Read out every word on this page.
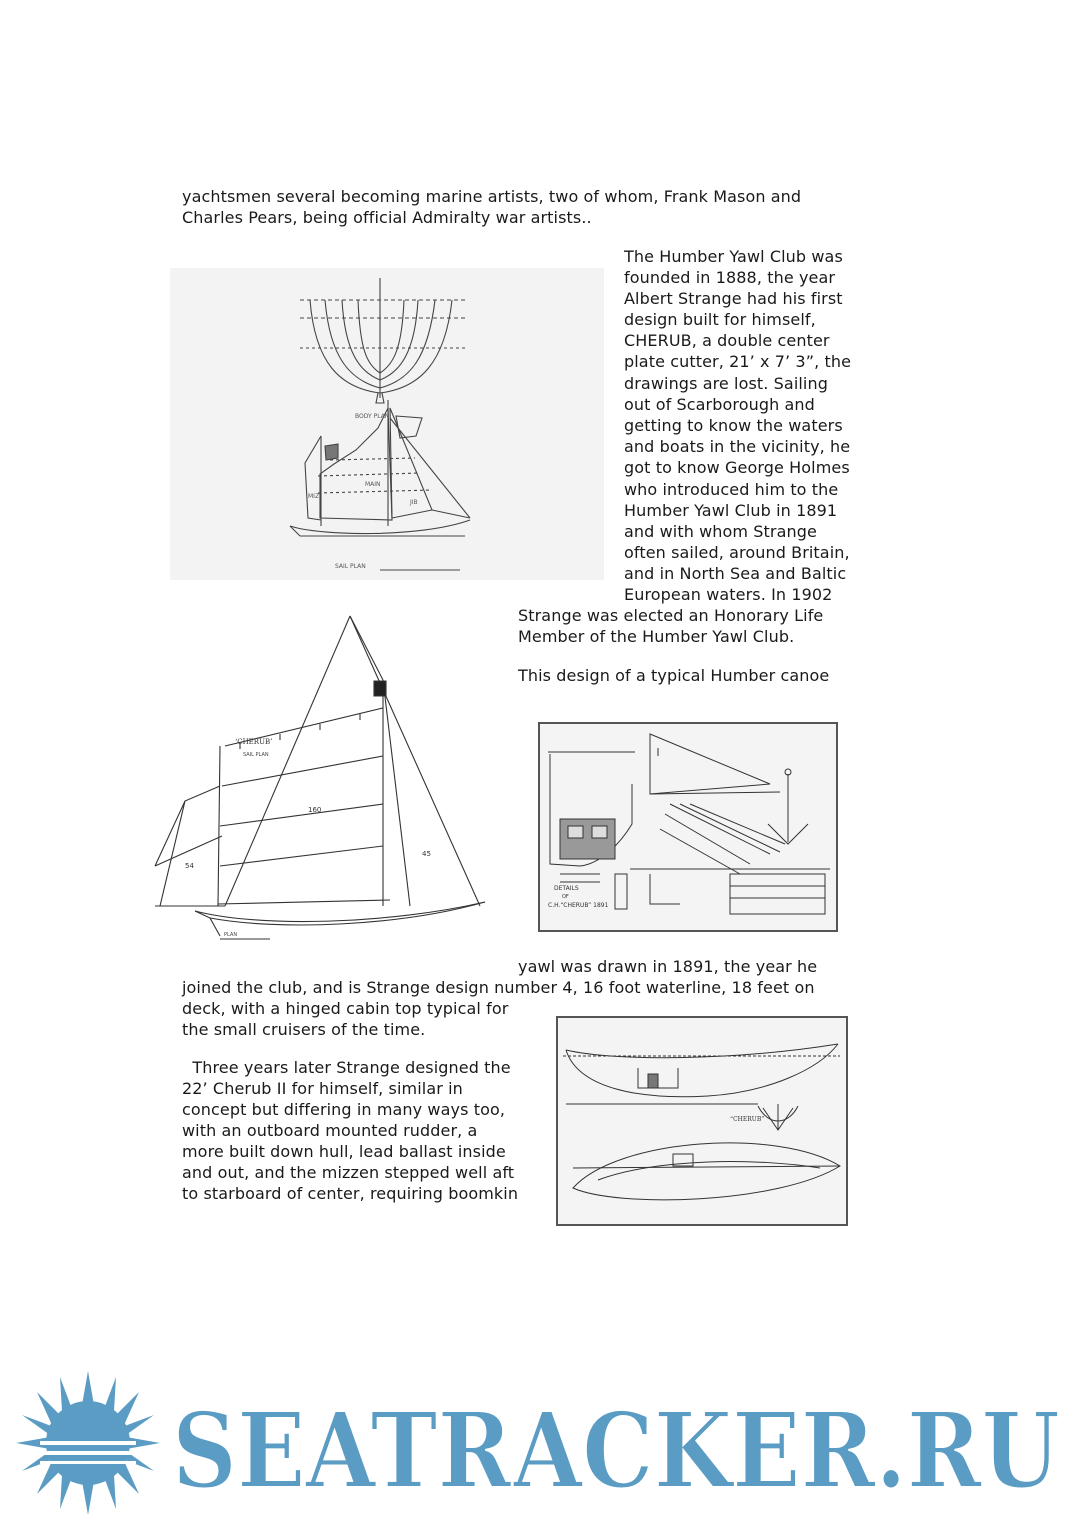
yachtsmen several becoming marine artists, two of whom, Frank Mason and
Charles Pears, being official Admiralty war artists..
The Humber Yawl Club was
founded in 1888, the year
Albert Strange had his first
design built for himself,
CHERUB, a double center
plate cutter, 21’ x 7’ 3”, the
drawings are lost. Sailing
out of Scarborough and
getting to know the waters
and boats in the vicinity, he
got to know George Holmes
who introduced him to the
Humber Yawl Club in 1891
and with whom Strange
often sailed, around Britain,
and in North Sea and Baltic
European waters. In 1902
Strange was elected an Honorary Life
Member of the Humber Yawl Club.
This design of a typical Humber canoe
yawl was drawn in 1891, the year he
joined the club, and is Strange design number 4, 16 foot waterline, 18 feet on
deck, with a hinged cabin top typical for
the small cruisers of the time.
Three years later Strange designed the
22’ Cherub II for himself, similar in
concept but differing in many ways too,
with an outboard mounted rudder, a
more built down hull, lead ballast inside
and out, and the mizzen stepped well aft
to starboard of center, requiring boomkin
BODY PLAN
SAIL PLAN
MAIN
MIZ
JIB
‘CHERUB’
SAIL PLAN
160
45
54
PLAN
DETAILS
OF
C.H.“CHERUB” 1891
“CHERUB”
SEATRACKER.RU
